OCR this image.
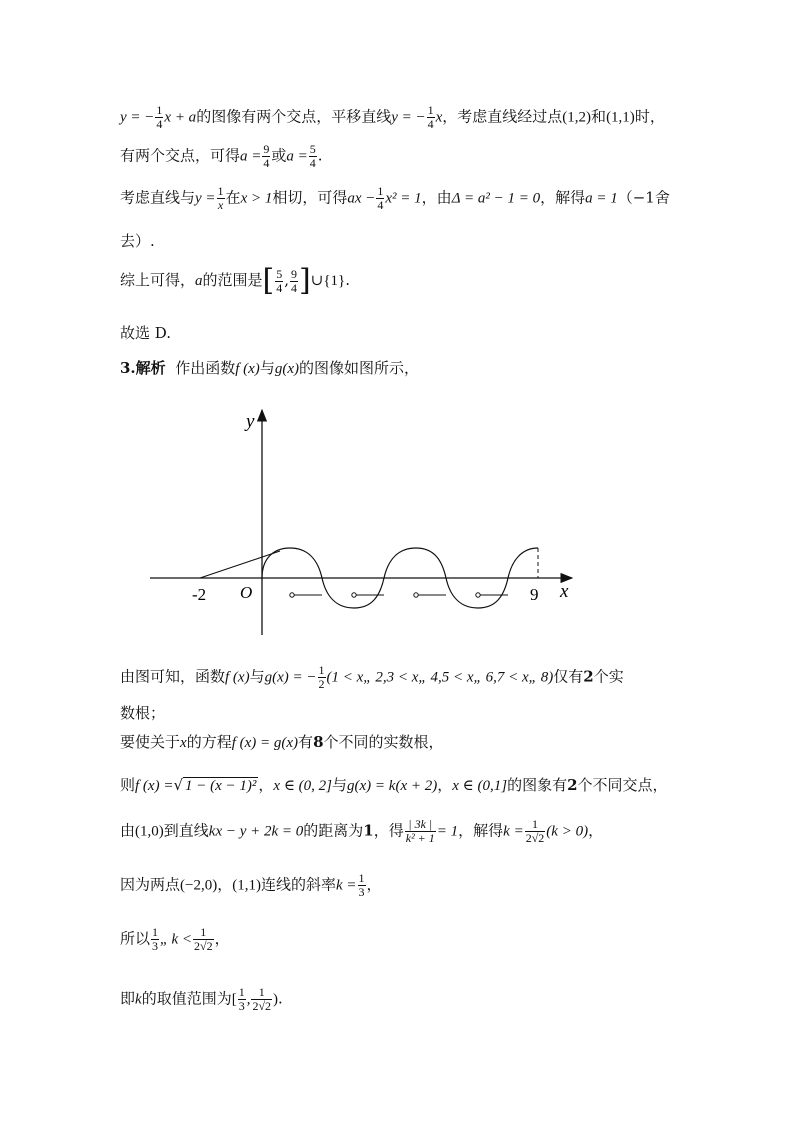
y = − $\frac{1}{4}$ x + a的图像有两个交点，平移直线y = − $\frac{1}{4}$ x，考虑直线经过点(1,2)和(1,1)时，
有两个交点，可得$a = \frac{9}{4}$ 或$a = \frac{5}{4}$ .
考虑直线与$y = \frac{1}{x}$ 在x > 1相切，可得ax − $\frac{1}{4} x^2 = 1$，由Δ = a² − 1 = 0，解得a = 1（−1舍
去）.
综上可得，a的范围是[ $\frac{5}{4}$ , $\frac{9}{4}$ ]∪{1}.
故选 D.
3.解析 作出函数f (x)与g(x)的图像如图所示，
y
x
O
-2	9
由图可知，函数f (x)与g(x) = − $\frac{1}{2} (1$ < x„ 2,3 < x„ 4,5 < x„ 6,7 < x„ 8)仅有2个实
数根；
要使关于x的方程f (x) = g(x)有8个不同的实数根，
则f (x) =√ 1 − (x − 1)² ，x ∈ (0, 2]与g(x) = k(x + 2)，x ∈ (0,1]的图象有2个不同交点，
由(1,0)到直线kx − y + 2k = 0的距离为1，得 $\frac{| 3k |}{\text{k² + 1}} = 1$，解得$k = \frac{1}{2√2} (k > 0)$，
因为两点(−2,0)，(1,1)连线的斜率$k = \frac{1}{3}$ ，
所以 $\frac{1}{3}$ „ $k < \frac{1}{2√2}$ ，
即k的取值范围为[ $\frac{1}{3}$ , $\frac{1}{2√2}$ ).
